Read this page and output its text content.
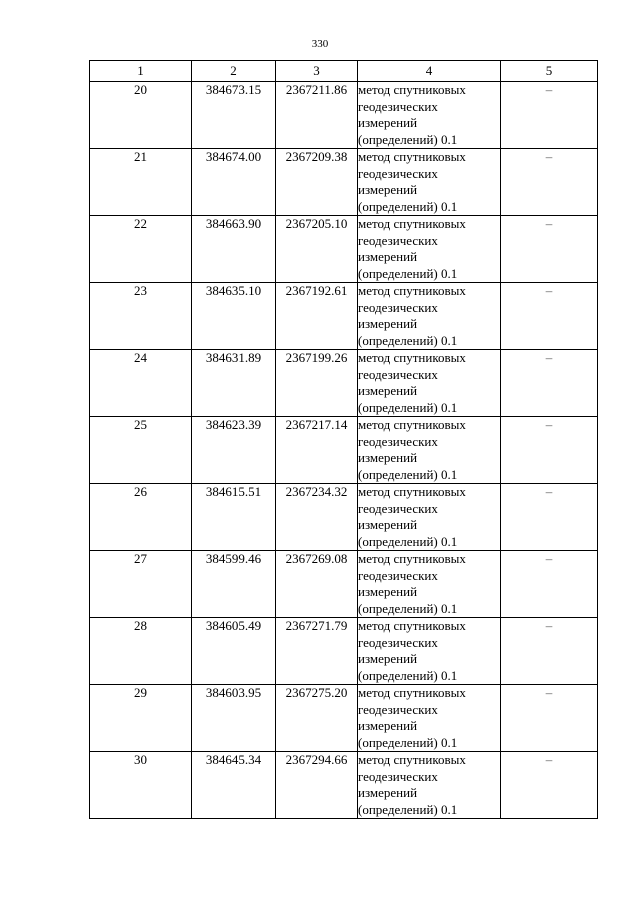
330
1	2	3	4	5
20	384673.15	2367211.86	метод спутниковых геодезических измерений (определений) 0.1	–
21	384674.00	2367209.38	метод спутниковых геодезических измерений (определений) 0.1	–
22	384663.90	2367205.10	метод спутниковых геодезических измерений (определений) 0.1	–
23	384635.10	2367192.61	метод спутниковых геодезических измерений (определений) 0.1	–
24	384631.89	2367199.26	метод спутниковых геодезических измерений (определений) 0.1	–
25	384623.39	2367217.14	метод спутниковых геодезических измерений (определений) 0.1	–
26	384615.51	2367234.32	метод спутниковых геодезических измерений (определений) 0.1	–
27	384599.46	2367269.08	метод спутниковых геодезических измерений (определений) 0.1	–
28	384605.49	2367271.79	метод спутниковых геодезических измерений (определений) 0.1	–
29	384603.95	2367275.20	метод спутниковых геодезических измерений (определений) 0.1	–
30	384645.34	2367294.66	метод спутниковых геодезических измерений (определений) 0.1	–
